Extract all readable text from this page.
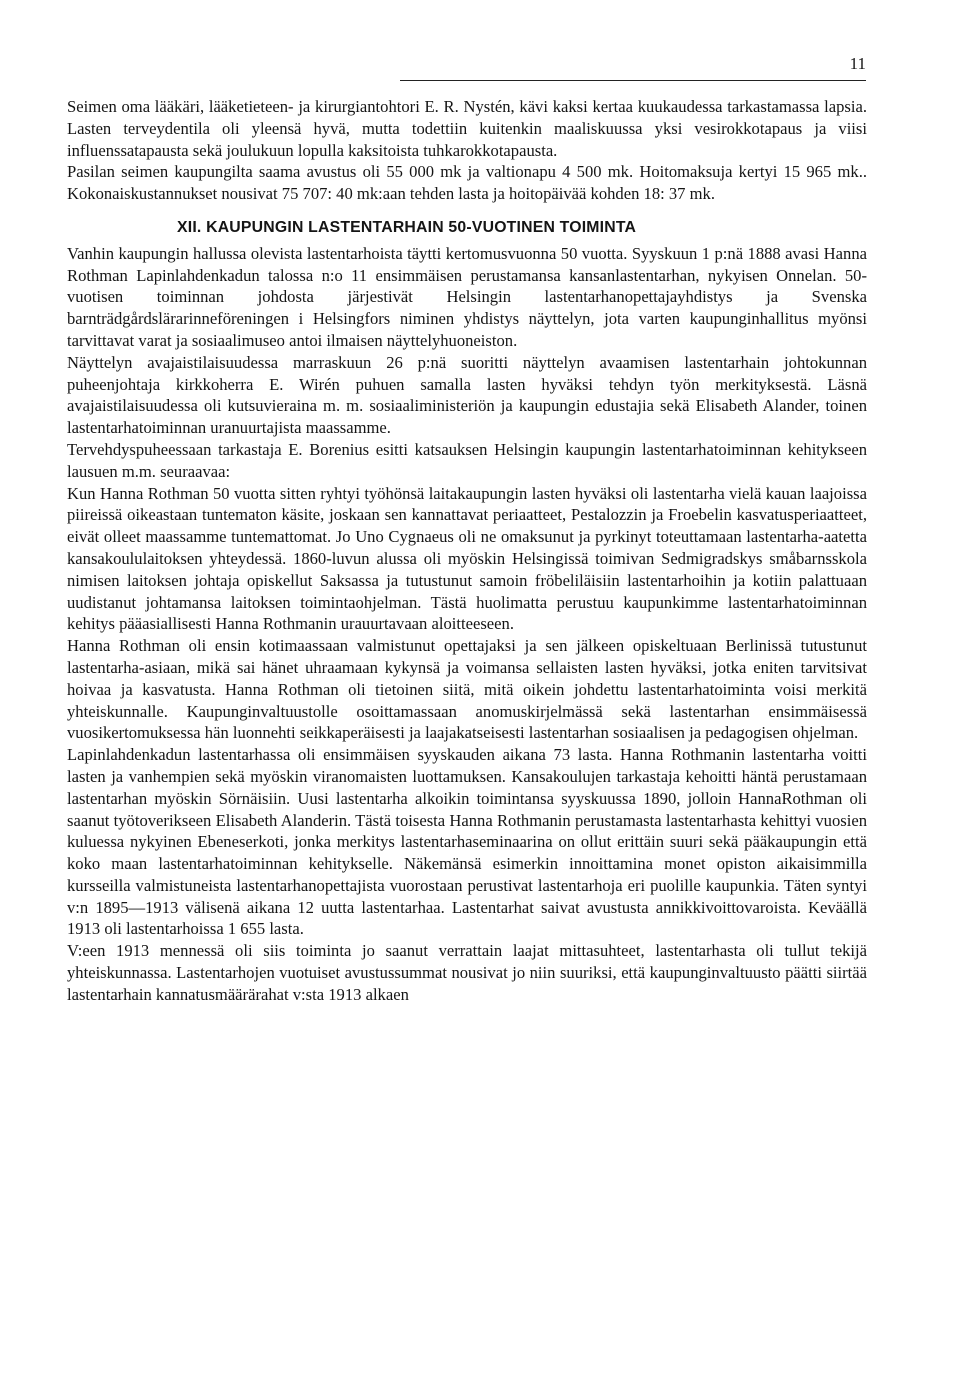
11

Seimen oma lääkäri, lääketieteen- ja kirurgiantohtori E. R. Nystén, kävi kaksi kertaa kuukaudessa tarkastamassa lapsia. Lasten terveydentila oli yleensä hyvä, mutta todettiin kuitenkin maaliskuussa yksi vesirokkotapaus ja viisi influenssatapausta sekä joulukuun lopulla kaksitoista tuhkarokkotapausta.

Pasilan seimen kaupungilta saama avustus oli 55 000 mk ja valtionapu 4 500 mk. Hoitomaksuja kertyi 15 965 mk.. Kokonaiskustannukset nousivat 75 707: 40 mk:aan tehden lasta ja hoitopäivää kohden 18: 37 mk.

XII. KAUPUNGIN LASTENTARHAIN 50-VUOTINEN TOIMINTA

Vanhin kaupungin hallussa olevista lastentarhoista täytti kertomusvuonna 50 vuotta. Syyskuun 1 p:nä 1888 avasi Hanna Rothman Lapinlahdenkadun talossa n:o 11 ensimmäisen perustamansa kansanlastentarhan, nykyisen Onnelan. 50-vuotisen toiminnan johdosta järjestivät Helsingin lastentarhanopettajayhdistys ja Svenska barnträdgårdslärarinneföreningen i Helsingfors niminen yhdistys näyttelyn, jota varten kaupunginhallitus myönsi tarvittavat varat ja sosiaalimuseo antoi ilmaisen näyttelyhuoneiston.

Näyttelyn avajaistilaisuudessa marraskuun 26 p:nä suoritti näyttelyn avaamisen lastentarhain johtokunnan puheenjohtaja kirkkoherra E. Wirén puhuen samalla lasten hyväksi tehdyn työn merkityksestä. Läsnä avajaistilaisuudessa oli kutsuvieraina m. m. sosiaaliministeriön ja kaupungin edustajia sekä Elisabeth Alander, toinen lastentarhatoiminnan uranuurtajista maassamme.

Tervehdyspuheessaan tarkastaja E. Borenius esitti katsauksen Helsingin kaupungin lastentarhatoiminnan kehitykseen lausuen m.m. seuraavaa:

Kun Hanna Rothman 50 vuotta sitten ryhtyi työhönsä laitakaupungin lasten hyväksi oli lastentarha vielä kauan laajoissa piireissä oikeastaan tuntematon käsite, joskaan sen kannattavat periaatteet, Pestalozzin ja Froebelin kasvatusperiaatteet, eivät olleet maassamme tuntemattomat. Jo Uno Cygnaeus oli ne omaksunut ja pyrkinyt toteuttamaan lastentarha-aatetta kansakoululaitoksen yhteydessä. 1860-luvun alussa oli myöskin Helsingissä toimivan Sedmigradskys småbarnsskola nimisen laitoksen johtaja opiskellut Saksassa ja tutustunut samoin fröbeliläisiin lastentarhoihin ja kotiin palattuaan uudistanut johtamansa laitoksen toimintaohjelman. Tästä huolimatta perustuu kaupunkimme lastentarhatoiminnan kehitys pääasiallisesti Hanna Rothmanin urauurtavaan aloitteeseen.

Hanna Rothman oli ensin kotimaassaan valmistunut opettajaksi ja sen jälkeen opiskeltuaan Berlinissä tutustunut lastentarha-asiaan, mikä sai hänet uhraamaan kykynsä ja voimansa sellaisten lasten hyväksi, jotka eniten tarvitsivat hoivaa ja kasvatusta. Hanna Rothman oli tietoinen siitä, mitä oikein johdettu lastentarhatoiminta voisi merkitä yhteiskunnalle. Kaupunginvaltuustolle osoittamassaan anomuskirjelmässä sekä lastentarhan ensimmäisessä vuosikertomuksessa hän luonnehti seikkaperäisesti ja laajakatseisesti lastentarhan sosiaalisen ja pedagogisen ohjelman.

Lapinlahdenkadun lastentarhassa oli ensimmäisen syyskauden aikana 73 lasta. Hanna Rothmanin lastentarha voitti lasten ja vanhempien sekä myöskin viranomaisten luottamuksen. Kansakoulujen tarkastaja kehoitti häntä perustamaan lastentarhan myöskin Sörnäisiin. Uusi lastentarha alkoikin toimintansa syyskuussa 1890, jolloin HannaRothman oli saanut työtoverikseen Elisabeth Alanderin. Tästä toisesta Hanna Rothmanin perustamasta lastentarhasta kehittyi vuosien kuluessa nykyinen Ebeneserkoti, jonka merkitys lastentarhaseminaarina on ollut erittäin suuri sekä pääkaupungin että koko maan lastentarhatoiminnan kehitykselle. Näkemänsä esimerkin innoittamina monet opiston aikaisimmilla kursseilla valmistuneista lastentarhanopettajista vuorostaan perustivat lastentarhoja eri puolille kaupunkia. Täten syntyi v:n 1895—1913 välisenä aikana 12 uutta lastentarhaa. Lastentarhat saivat avustusta annikkivoittovaroista. Keväällä 1913 oli lastentarhoissa 1 655 lasta.

V:een 1913 mennessä oli siis toiminta jo saanut verrattain laajat mittasuhteet, lastentarhasta oli tullut tekijä yhteiskunnassa. Lastentarhojen vuotuiset avustussummat nousivat jo niin suuriksi, että kaupunginvaltuusto päätti siirtää lastentarhain kannatusmäärärahat v:sta 1913 alkaen
